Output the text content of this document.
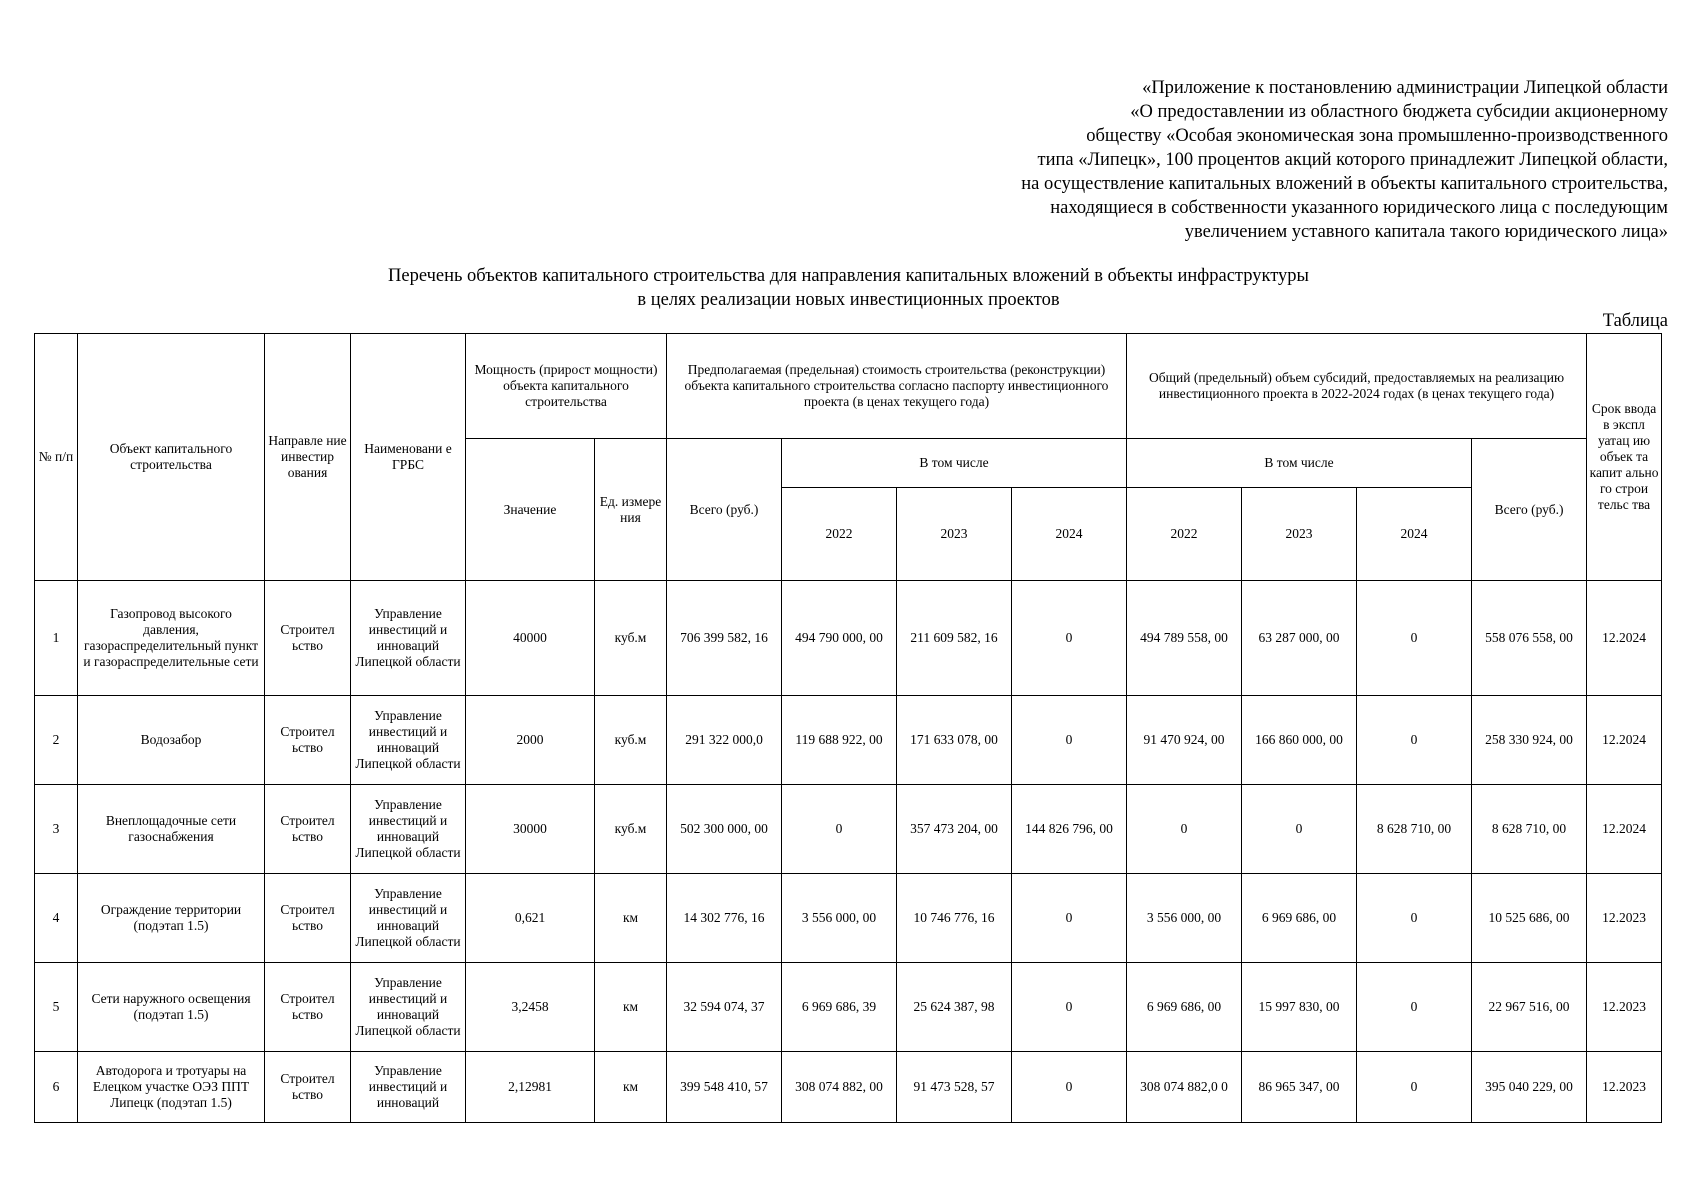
«Приложение к постановлению администрации Липецкой области
«О предоставлении из областного бюджета субсидии акционерному
обществу «Особая экономическая зона промышленно-производственного
типа «Липецк», 100 процентов акций которого принадлежит Липецкой области,
на осуществление капитальных вложений в объекты капитального строительства,
находящиеся в собственности указанного юридического лица с последующим
увеличением уставного капитала такого юридического лица»
Перечень объектов капитального строительства для направления капитальных вложений в объекты инфраструктуры
в целях реализации новых инвестиционных проектов
Таблица
№ п/п	Объект капитального строительства	Направле ние инвестир ования	Наименовани е ГРБС	Мощность (прирост мощности) объекта капитального строительства		Предполагаемая (предельная) стоимость строительства (реконструкции) объекта капитального строительства согласно паспорту инвестиционного проекта (в ценах текущего года)				Общий (предельный) объем субсидий, предоставляемых на реализацию инвестиционного проекта в 2022-2024 годах (в ценах текущего года)				Срок ввода в экспл уатац ию объек та капит ально го строи тельс тва
				Значение	Ед. измере ния	Всего (руб.)	В том числе			В том числе			Всего (руб.)	
							2022	2023	2024	2022	2023	2024		
1	Газопровод высокого давления, газораспределительный пункт и газораспределительные сети	Строител ьство	Управление инвестиций и инноваций Липецкой области	40000	куб.м	706 399 582, 16	494 790 000, 00	211 609 582, 16	0	494 789 558, 00	63 287 000, 00	0	558 076 558, 00	12.2024
2	Водозабор	Строител ьство	Управление инвестиций и инноваций Липецкой области	2000	куб.м	291 322 000,0	119 688 922, 00	171 633 078, 00	0	91 470 924, 00	166 860 000, 00	0	258 330 924, 00	12.2024
3	Внеплощадочные сети газоснабжения	Строител ьство	Управление инвестиций и инноваций Липецкой области	30000	куб.м	502 300 000, 00	0	357 473 204, 00	144 826 796, 00	0	0	8 628 710, 00	8 628 710, 00	12.2024
4	Ограждение территории (подэтап 1.5)	Строител ьство	Управление инвестиций и инноваций Липецкой области	0,621	км	14 302 776, 16	3 556 000, 00	10 746 776, 16	0	3 556 000, 00	6 969 686, 00	0	10 525 686, 00	12.2023
5	Сети наружного освещения (подэтап 1.5)	Строител ьство	Управление инвестиций и инноваций Липецкой области	3,2458	км	32 594 074, 37	6 969 686, 39	25 624 387, 98	0	6 969 686, 00	15 997 830, 00	0	22 967 516, 00	12.2023
6	Автодорога и тротуары на Елецком участке ОЭЗ ППТ Липецк (подэтап 1.5)	Строител ьство	Управление инвестиций и инноваций	2,12981	км	399 548 410, 57	308 074 882, 00	91 473 528, 57	0	308 074 882,0 0	86 965 347, 00	0	395 040 229, 00	12.2023
